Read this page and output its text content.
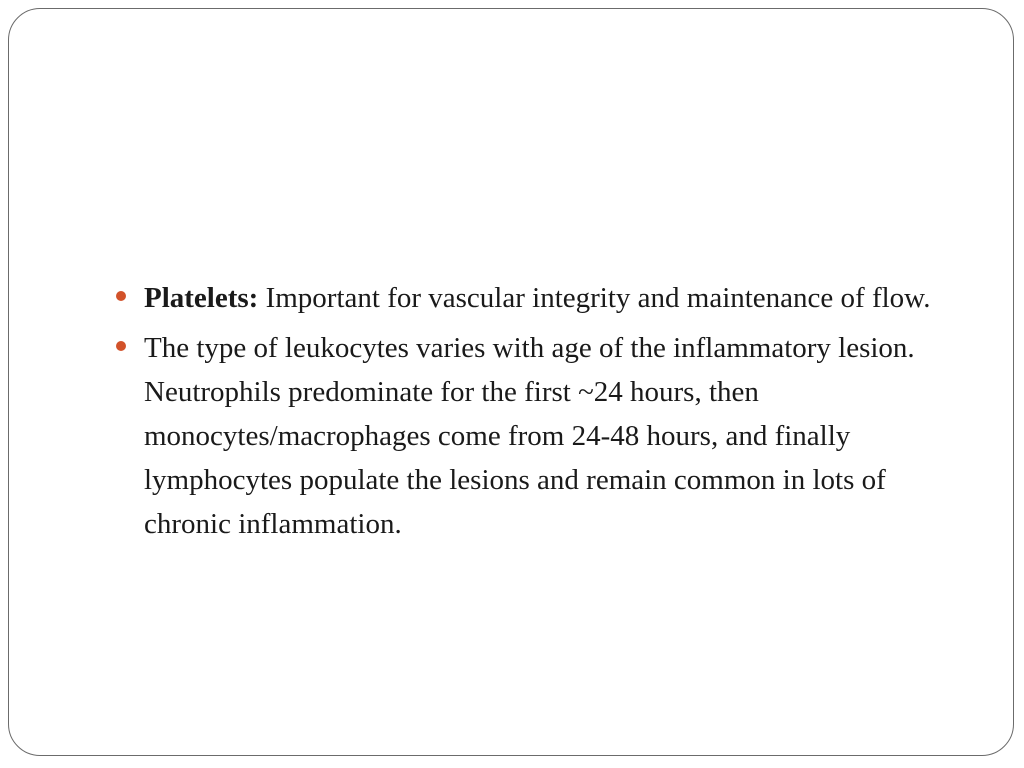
Platelets: Important for vascular integrity and maintenance of flow.
The type of leukocytes varies with age of the inflammatory lesion. Neutrophils predominate for the first ~24 hours, then monocytes/macrophages come from 24-48 hours, and finally lymphocytes populate the lesions and remain common in lots of chronic inflammation.
